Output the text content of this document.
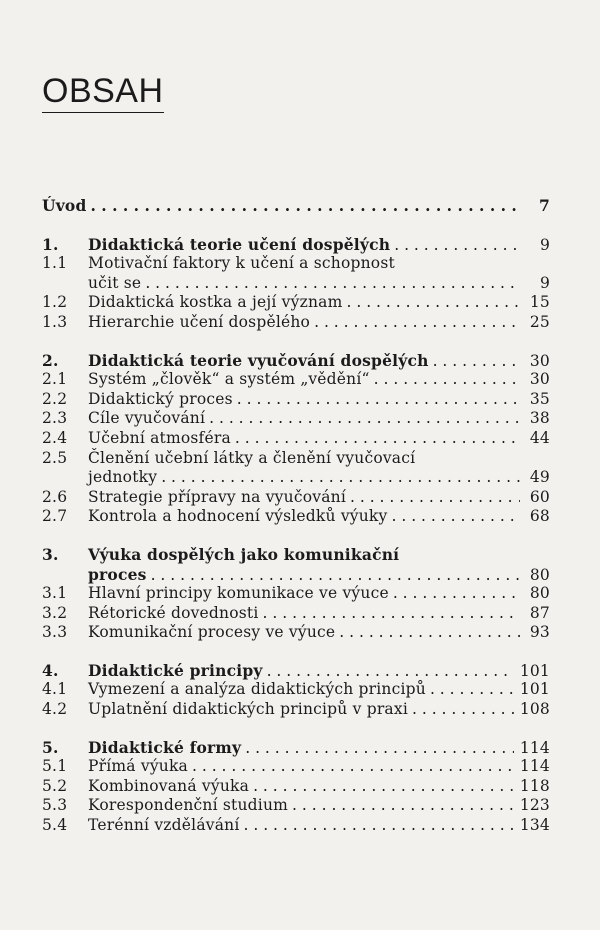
OBSAH
Úvod . . .	7
1.	Didaktická teorie učení dospělých . . .	9
1.1	Motivační faktory k učení a schopnost
učit se . . .	9
1.2	Didaktická kostka a její význam . . .	15
1.3	Hierarchie učení dospělého . . .	25
2.	Didaktická teorie vyučování dospělých . . .	30
2.1	Systém „člověk“ a systém „vědění“ . . .	30
2.2	Didaktický proces . . .	35
2.3	Cíle vyučování . . .	38
2.4	Učební atmosféra . . .	44
2.5	Členění učební látky a členění vyučovací
jednotky . . .	49
2.6	Strategie přípravy na vyučování . . .	60
2.7	Kontrola a hodnocení výsledků výuky . . .	68
3.	Výuka dospělých jako komunikační
proces . . .	80
3.1	Hlavní principy komunikace ve výuce . . .	80
3.2	Rétorické dovednosti . . .	87
3.3	Komunikační procesy ve výuce . . .	93
4.	Didaktické principy . . .	101
4.1	Vymezení a analýza didaktických principů . . .	101
4.2	Uplatnění didaktických principů v praxi . . .	108
5.	Didaktické formy . . .	114
5.1	Přímá výuka . . .	114
5.2	Kombinovaná výuka . . .	118
5.3	Korespondenční studium . . .	123
5.4	Terénní vzdělávání . . .	134
